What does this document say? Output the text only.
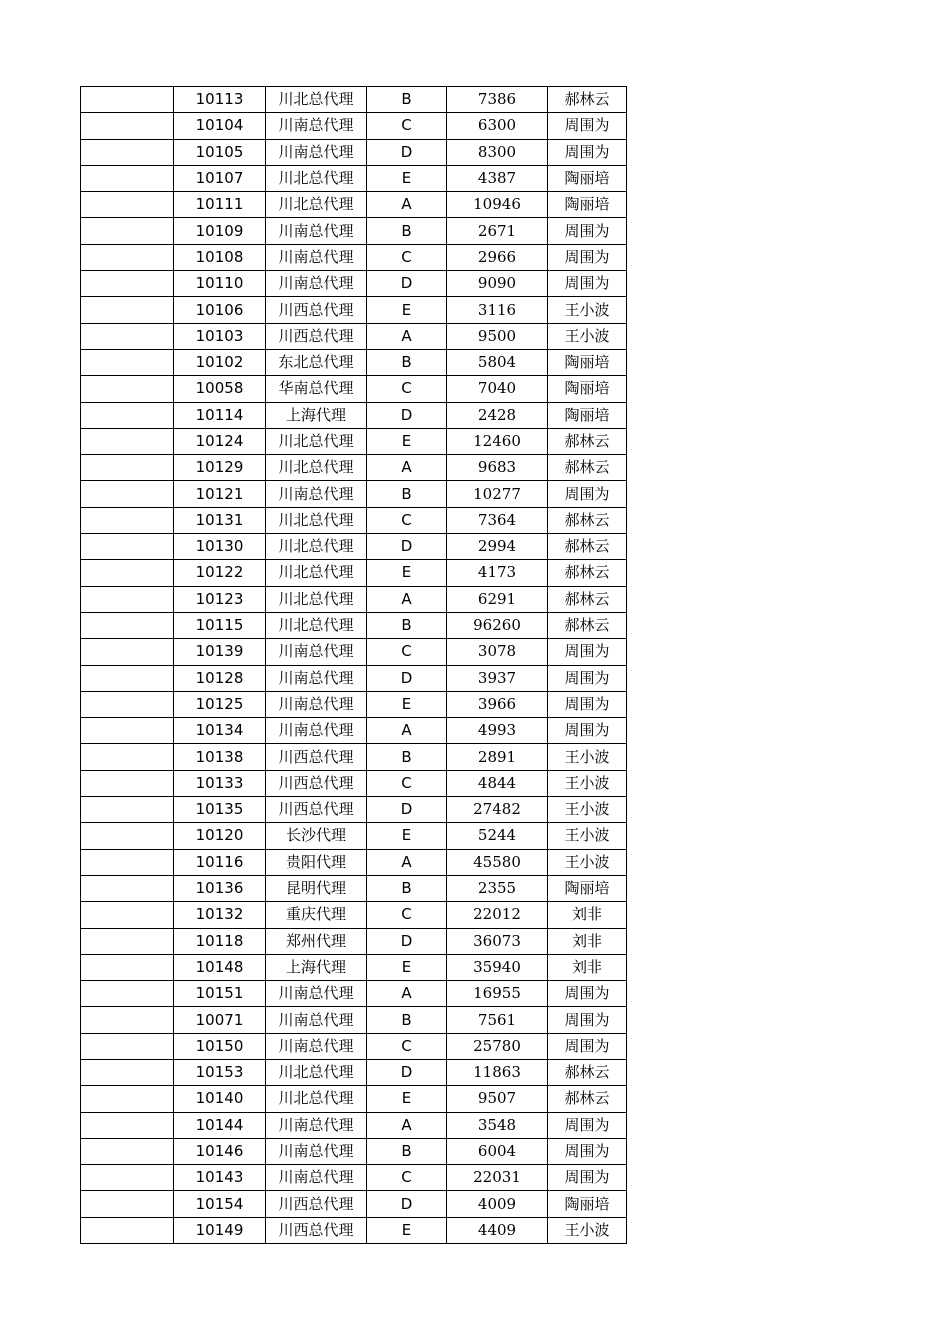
	10113	川北总代理	B	7386	郝林云
	10104	川南总代理	C	6300	周围为
	10105	川南总代理	D	8300	周围为
	10107	川北总代理	E	4387	陶丽培
	10111	川北总代理	A	10946	陶丽培
	10109	川南总代理	B	2671	周围为
	10108	川南总代理	C	2966	周围为
	10110	川南总代理	D	9090	周围为
	10106	川西总代理	E	3116	王小波
	10103	川西总代理	A	9500	王小波
	10102	东北总代理	B	5804	陶丽培
	10058	华南总代理	C	7040	陶丽培
	10114	上海代理	D	2428	陶丽培
	10124	川北总代理	E	12460	郝林云
	10129	川北总代理	A	9683	郝林云
	10121	川南总代理	B	10277	周围为
	10131	川北总代理	C	7364	郝林云
	10130	川北总代理	D	2994	郝林云
	10122	川北总代理	E	4173	郝林云
	10123	川北总代理	A	6291	郝林云
	10115	川北总代理	B	96260	郝林云
	10139	川南总代理	C	3078	周围为
	10128	川南总代理	D	3937	周围为
	10125	川南总代理	E	3966	周围为
	10134	川南总代理	A	4993	周围为
	10138	川西总代理	B	2891	王小波
	10133	川西总代理	C	4844	王小波
	10135	川西总代理	D	27482	王小波
	10120	长沙代理	E	5244	王小波
	10116	贵阳代理	A	45580	王小波
	10136	昆明代理	B	2355	陶丽培
	10132	重庆代理	C	22012	刘非
	10118	郑州代理	D	36073	刘非
	10148	上海代理	E	35940	刘非
	10151	川南总代理	A	16955	周围为
	10071	川南总代理	B	7561	周围为
	10150	川南总代理	C	25780	周围为
	10153	川北总代理	D	11863	郝林云
	10140	川北总代理	E	9507	郝林云
	10144	川南总代理	A	3548	周围为
	10146	川南总代理	B	6004	周围为
	10143	川南总代理	C	22031	周围为
	10154	川西总代理	D	4009	陶丽培
	10149	川西总代理	E	4409	王小波
